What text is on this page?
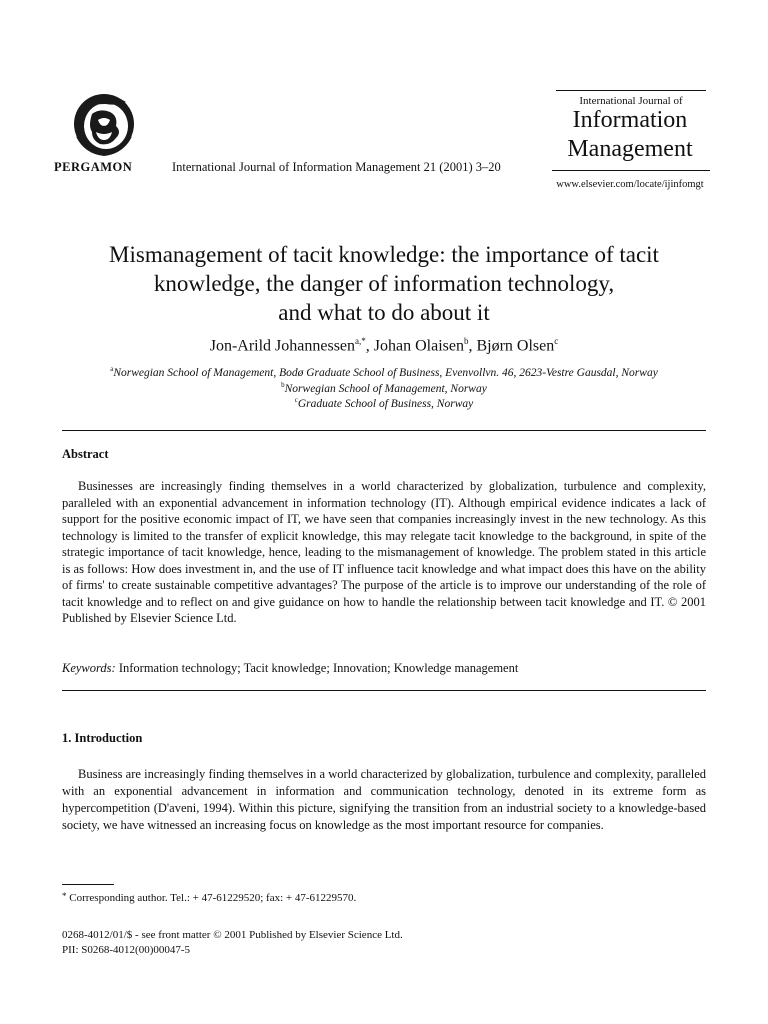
PERGAMON	International Journal of Information Management 21 (2001) 3–20
International Journal of
Information
Management
www.elsevier.com/locate/ijinfomgt
Mismanagement of tacit knowledge: the importance of tacit
knowledge, the danger of information technology,
and what to do about it
Jon-Arild Johannessen$^{a,*}$, Johan Olaisen$^b$, Bjørn Olsen$^c$
$^a$Norwegian School of Management, Bodø Graduate School of Business, Evenvollvn. 46, 2623-Vestre Gausdal, Norway
$^b$Norwegian School of Management, Norway
$^c$Graduate School of Business, Norway
Abstract
Businesses are increasingly finding themselves in a world characterized by globalization, turbulence and complexity, paralleled with an exponential advancement in information technology (IT). Although empirical evidence indicates a lack of support for the positive economic impact of IT, we have seen that companies increasingly invest in the new technology. As this technology is limited to the transfer of explicit knowledge, this may relegate tacit knowledge to the background, in spite of the strategic importance of tacit knowledge, hence, leading to the mismanagement of knowledge. The problem stated in this article is as follows: How does investment in, and the use of IT influence tacit knowledge and what impact does this have on the ability of firms' to create sustainable competitive advantages? The purpose of the article is to improve our understanding of the role of tacit knowledge and to reflect on and give guidance on how to handle the relationship between tacit knowledge and IT. © 2001 Published by Elsevier Science Ltd.
Keywords: Information technology; Tacit knowledge; Innovation; Knowledge management
1. Introduction
Business are increasingly finding themselves in a world characterized by globalization, turbulence and complexity, paralleled with an exponential advancement in information and communication technology, denoted in its extreme form as hypercompetition (D'aveni, 1994). Within this picture, signifying the transition from an industrial society to a knowledge-based society, we have witnessed an increasing focus on knowledge as the most important resource for companies.
* Corresponding author. Tel.: + 47-61229520; fax: + 47-61229570.
0268-4012/01/$ - see front matter © 2001 Published by Elsevier Science Ltd.
PII: S0268-4012(00)00047-5
